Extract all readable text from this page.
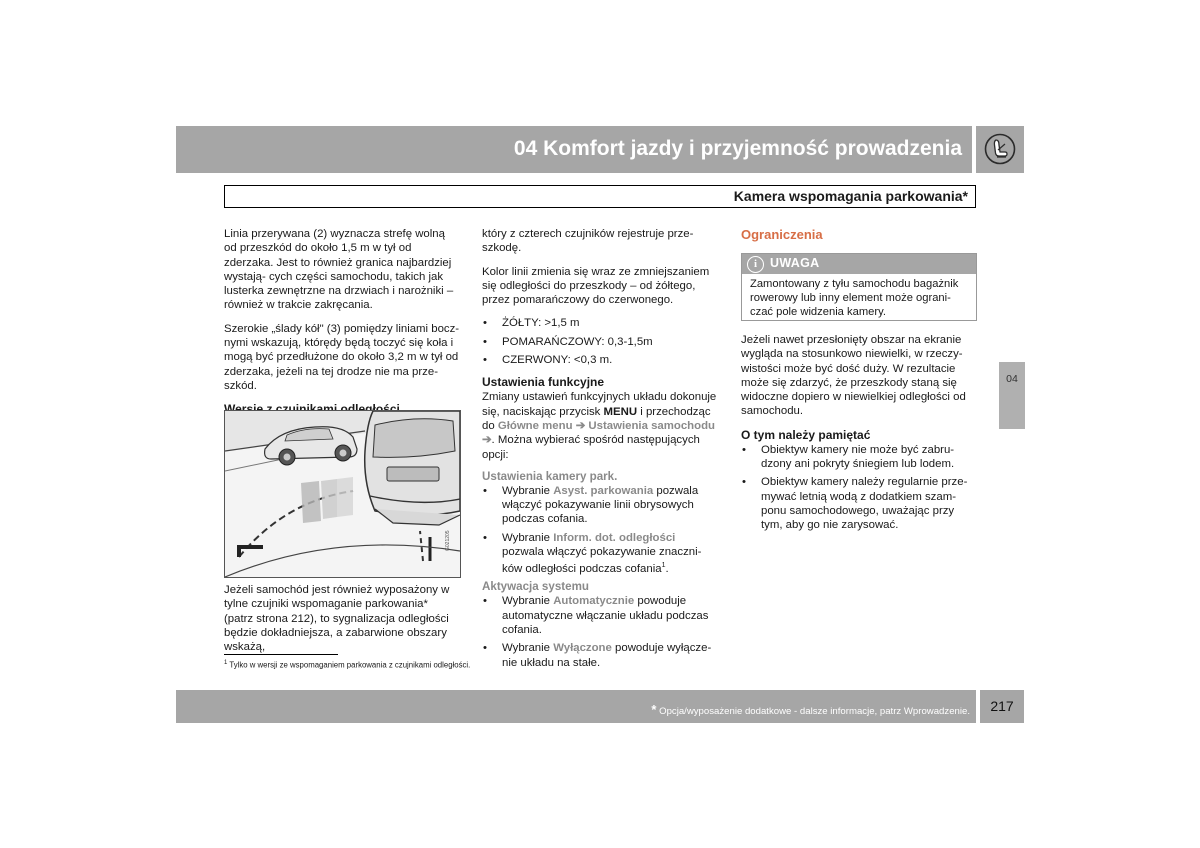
04 Komfort jazdy i przyjemność prowadzenia
Kamera wspomagania parkowania*

Linia przerywana (2) wyznacza strefę wolną od przeszkód do około 1,5 m w tył od zderzaka. Jest to również granica najbardziej wystają- cych części samochodu, takich jak lusterka zewnętrzne na drzwiach i narożniki – również w trakcie zakręcania.

Szerokie „ślady kół" (3) pomiędzy liniami bocz- nymi wskazują, którędy będą toczyć się koła i mogą być przedłużone do około 3,2 m w tył od zderzaka, jeżeli na tej drodze nie ma prze- szkód.

G021205

Jeżeli samochód jest również wyposażony w tylne czujniki wspomaganie parkowania* (patrz strona 212), to sygnalizacja odległości będzie dokładniejsza, a zabarwione obszary wskażą,

który z czterech czujników rejestruje prze- szkodę.

Kolor linii zmienia się wraz ze zmniejszaniem się odległości do przeszkody – od żółtego, przez pomarańczowy do czerwonego.

• ŻÓŁTY: >1,5 m
• POMARAŃCZOWY: 0,3-1,5m
• CZERWONY: <0,3 m.
Ustawienia funkcyjne

Zmiany ustawień funkcyjnych układu dokonuje się, naciskając przycisk MENU i przechodząc do Główne menu ➔ Ustawienia samochodu ➔. Można wybierać spośród następujących opcji:

Ustawienia kamery park.
• Wybranie Asyst. parkowania pozwala włączyć pokazywanie linii obrysowych podczas cofania.
• Wybranie Inform. dot. odległości pozwala włączyć pokazywanie znaczni- ków odległości podczas cofania$^1$.
Aktywacja systemu
• Wybranie Automatycznie powoduje automatyczne włączanie układu podczas cofania.
• Wybranie Wyłączone powoduje wyłącze- nie układu na stałe.
Ograniczenia
i	UWAGA
Zamontowany z tyłu samochodu bagażnik rowerowy lub inny element może ograni- czać pole widzenia kamery.

Jeżeli nawet przesłonięty obszar na ekranie wygląda na stosunkowo niewielki, w rzeczy- wistości może być dość duży. W rezultacie może się zdarzyć, że przeszkody staną się widoczne dopiero w niewielkiej odległości od samochodu.

O tym należy pamiętać
• Obiektyw kamery nie może być zabru- dzony ani pokryty śniegiem lub lodem.
• Obiektyw kamery należy regularnie prze- mywać letnią wodą z dodatkiem szam- ponu samochodowego, uważając przy tym, aby go nie zarysować.
04
$^1$ Tylko w wersji ze wspomaganiem parkowania z czujnikami odległości.
* Opcja/wyposażenie dodatkowe - dalsze informacje, patrz Wprowadzenie.	217
